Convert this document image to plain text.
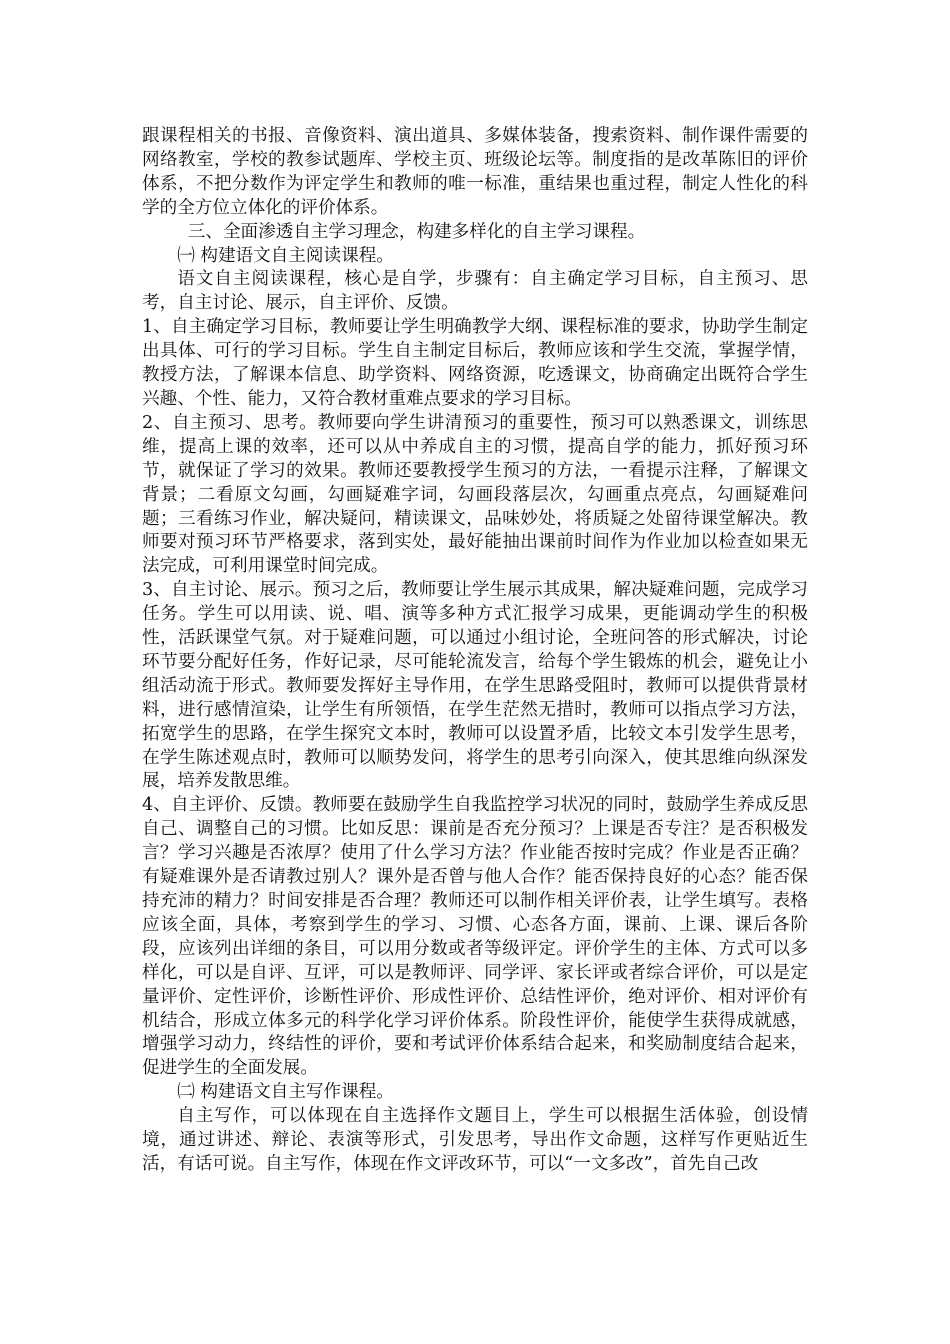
跟课程相关的书报、音像资料、演出道具、多媒体装备，搜索资料、制作课件需要的网络教室，学校的教参试题库、学校主页、班级论坛等。制度指的是改革陈旧的评价体系，不把分数作为评定学生和教师的唯一标准，重结果也重过程，制定人性化的科学的全方位立体化的评价体系。

三、全面渗透自主学习理念，构建多样化的自主学习课程。

㈠ 构建语文自主阅读课程。

语文自主阅读课程，核心是自学，步骤有：自主确定学习目标，自主预习、思考，自主讨论、展示，自主评价、反馈。

1、自主确定学习目标，教师要让学生明确教学大纲、课程标准的要求，协助学生制定出具体、可行的学习目标。学生自主制定目标后，教师应该和学生交流，掌握学情，教授方法，了解课本信息、助学资料、网络资源，吃透课文，协商确定出既符合学生兴趣、个性、能力，又符合教材重难点要求的学习目标。

2、自主预习、思考。教师要向学生讲清预习的重要性，预习可以熟悉课文，训练思维，提高上课的效率，还可以从中养成自主的习惯，提高自学的能力，抓好预习环节，就保证了学习的效果。教师还要教授学生预习的方法，一看提示注释，了解课文背景；二看原文勾画，勾画疑难字词，勾画段落层次，勾画重点亮点，勾画疑难问题；三看练习作业，解决疑问，精读课文，品味妙处，将质疑之处留待课堂解决。教师要对预习环节严格要求，落到实处，最好能抽出课前时间作为作业加以检查如果无法完成，可利用课堂时间完成。

3、自主讨论、展示。预习之后，教师要让学生展示其成果，解决疑难问题，完成学习任务。学生可以用读、说、唱、演等多种方式汇报学习成果，更能调动学生的积极性，活跃课堂气氛。对于疑难问题，可以通过小组讨论，全班问答的形式解决，讨论环节要分配好任务，作好记录，尽可能轮流发言，给每个学生锻炼的机会，避免让小组活动流于形式。教师要发挥好主导作用，在学生思路受阻时，教师可以提供背景材料，进行感情渲染，让学生有所领悟，在学生茫然无措时，教师可以指点学习方法，拓宽学生的思路，在学生探究文本时，教师可以设置矛盾，比较文本引发学生思考，在学生陈述观点时，教师可以顺势发问，将学生的思考引向深入，使其思维向纵深发展，培养发散思维。

4、自主评价、反馈。教师要在鼓励学生自我监控学习状况的同时，鼓励学生养成反思自己、调整自己的习惯。比如反思：课前是否充分预习？上课是否专注？是否积极发言？学习兴趣是否浓厚？使用了什么学习方法？作业能否按时完成？作业是否正确？有疑难课外是否请教过别人？课外是否曾与他人合作？能否保持良好的心态？能否保持充沛的精力？时间安排是否合理？教师还可以制作相关评价表，让学生填写。表格应该全面，具体，考察到学生的学习、习惯、心态各方面，课前、上课、课后各阶段，应该列出详细的条目，可以用分数或者等级评定。评价学生的主体、方式可以多样化，可以是自评、互评，可以是教师评、同学评、家长评或者综合评价，可以是定量评价、定性评价，诊断性评价、形成性评价、总结性评价，绝对评价、相对评价有机结合，形成立体多元的科学化学习评价体系。阶段性评价，能使学生获得成就感，增强学习动力，终结性的评价，要和考试评价体系结合起来，和奖励制度结合起来，促进学生的全面发展。

㈡ 构建语文自主写作课程。

自主写作，可以体现在自主选择作文题目上，学生可以根据生活体验，创设情境，通过讲述、辩论、表演等形式，引发思考，导出作文命题，这样写作更贴近生活，有话可说。自主写作，体现在作文评改环节，可以“一文多改”，首先自己改
